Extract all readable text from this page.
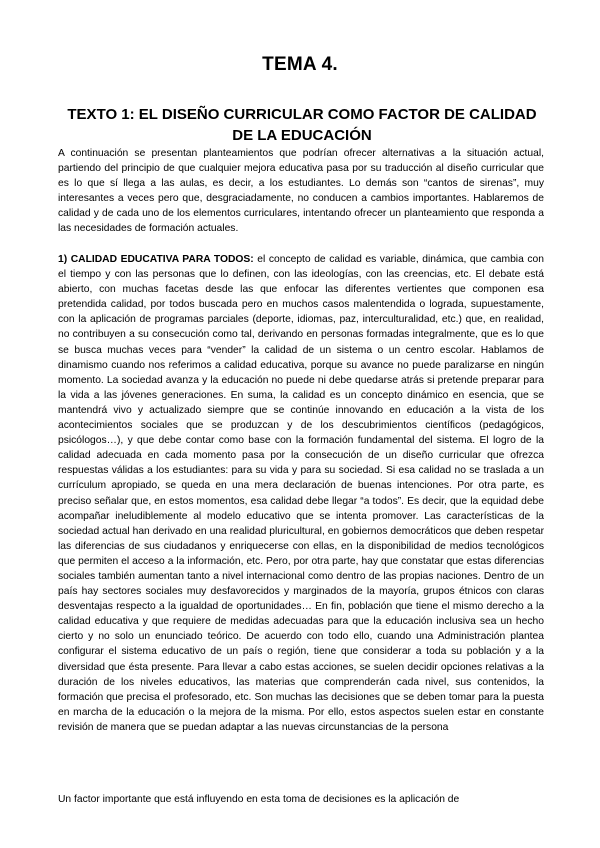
TEMA 4.
TEXTO 1: EL DISEÑO CURRICULAR COMO FACTOR DE CALIDAD DE LA EDUCACIÓN
A continuación se presentan planteamientos que podrían ofrecer alternativas a la situación actual, partiendo del principio de que cualquier mejora educativa pasa por su traducción al diseño curricular que es lo que sí llega a las aulas, es decir, a los estudiantes. Lo demás son “cantos de sirenas”, muy interesantes a veces pero que, desgraciadamente, no conducen a cambios importantes. Hablaremos de calidad y de cada uno de los elementos curriculares, intentando ofrecer un planteamiento que responda a las necesidades de formación actuales.
1) CALIDAD EDUCATIVA PARA TODOS: el concepto de calidad es variable, dinámica, que cambia con el tiempo y con las personas que lo definen, con las ideologías, con las creencias, etc. El debate está abierto, con muchas facetas desde las que enfocar las diferentes vertientes que componen esa pretendida calidad, por todos buscada pero en muchos casos malentendida o lograda, supuestamente, con la aplicación de programas parciales (deporte, idiomas, paz, interculturalidad, etc.) que, en realidad, no contribuyen a su consecución como tal, derivando en personas formadas integralmente, que es lo que se busca muchas veces para “vender” la calidad de un sistema o un centro escolar. Hablamos de dinamismo cuando nos referimos a calidad educativa, porque su avance no puede paralizarse en ningún momento. La sociedad avanza y la educación no puede ni debe quedarse atrás si pretende preparar para la vida a las jóvenes generaciones. En suma, la calidad es un concepto dinámico en esencia, que se mantendrá vivo y actualizado siempre que se continúe innovando en educación a la vista de los acontecimientos sociales que se produzcan y de los descubrimientos científicos (pedagógicos, psicólogos…), y que debe contar como base con la formación fundamental del sistema. El logro de la calidad adecuada en cada momento pasa por la consecución de un diseño curricular que ofrezca respuestas válidas a los estudiantes: para su vida y para su sociedad. Si esa calidad no se traslada a un currículum apropiado, se queda en una mera declaración de buenas intenciones. Por otra parte, es preciso señalar que, en estos momentos, esa calidad debe llegar “a todos”. Es decir, que la equidad debe acompañar ineludiblemente al modelo educativo que se intenta promover. Las características de la sociedad actual han derivado en una realidad pluricultural, en gobiernos democráticos que deben respetar las diferencias de sus ciudadanos y enriquecerse con ellas, en la disponibilidad de medios tecnológicos que permiten el acceso a la información, etc. Pero, por otra parte, hay que constatar que estas diferencias sociales también aumentan tanto a nivel internacional como dentro de las propias naciones. Dentro de un país hay sectores sociales muy desfavorecidos y marginados de la mayoría, grupos étnicos con claras desventajas respecto a la igualdad de oportunidades… En fin, población que tiene el mismo derecho a la calidad educativa y que requiere de medidas adecuadas para que la educación inclusiva sea un hecho cierto y no solo un enunciado teórico. De acuerdo con todo ello, cuando una Administración plantea configurar el sistema educativo de un país o región, tiene que considerar a toda su población y a la diversidad que ésta presente. Para llevar a cabo estas acciones, se suelen decidir opciones relativas a la duración de los niveles educativos, las materias que comprenderán cada nivel, sus contenidos, la formación que precisa el profesorado, etc. Son muchas las decisiones que se deben tomar para la puesta en marcha de la educación o la mejora de la misma. Por ello, estos aspectos suelen estar en constante revisión de manera que se puedan adaptar a las nuevas circunstancias de la persona
Un factor importante que está influyendo en esta toma de decisiones es la aplicación de
